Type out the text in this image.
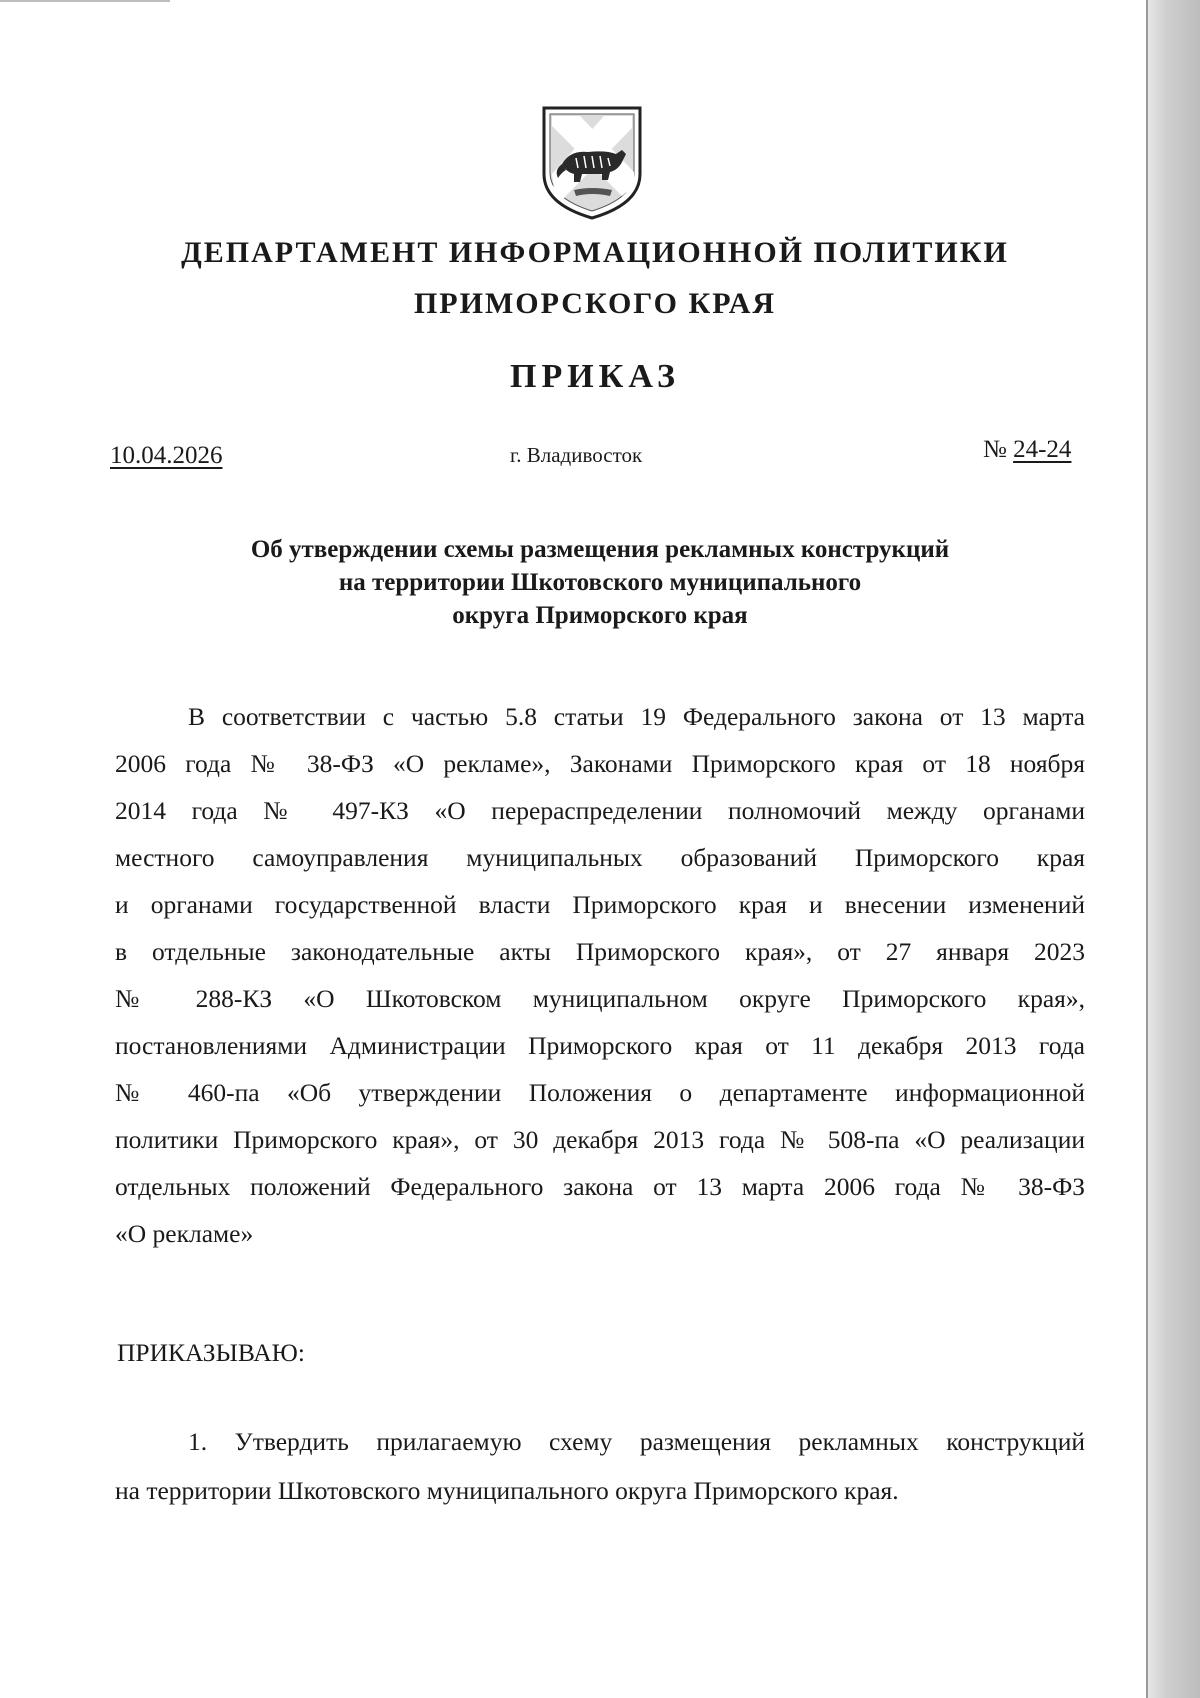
ДЕПАРТАМЕНТ ИНФОРМАЦИОННОЙ ПОЛИТИКИ
ПРИМОРСКОГО КРАЯ
ПРИКАЗ
10.04.2026	г. Владивосток	№ 24-24
Об утверждении схемы размещения рекламных конструкций
на территории Шкотовского муниципального
округа Приморского края
В соответствии с частью 5.8 статьи 19 Федерального закона от 13 марта
2006 года № 38-ФЗ «О рекламе», Законами Приморского края от 18 ноября
2014 года № 497-КЗ «О перераспределении полномочий между органами
местного самоуправления муниципальных образований Приморского края
и органами государственной власти Приморского края и внесении изменений
в отдельные законодательные акты Приморского края», от 27 января 2023
№ 288-КЗ «О Шкотовском муниципальном округе Приморского края»,
постановлениями Администрации Приморского края от 11 декабря 2013 года
№ 460-па «Об утверждении Положения о департаменте информационной
политики Приморского края», от 30 декабря 2013 года № 508-па «О реализации
отдельных положений Федерального закона от 13 марта 2006 года № 38-ФЗ
«О рекламе»
ПРИКАЗЫВАЮ:
1. Утвердить прилагаемую схему размещения рекламных конструкций
на территории Шкотовского муниципального округа Приморского края.
